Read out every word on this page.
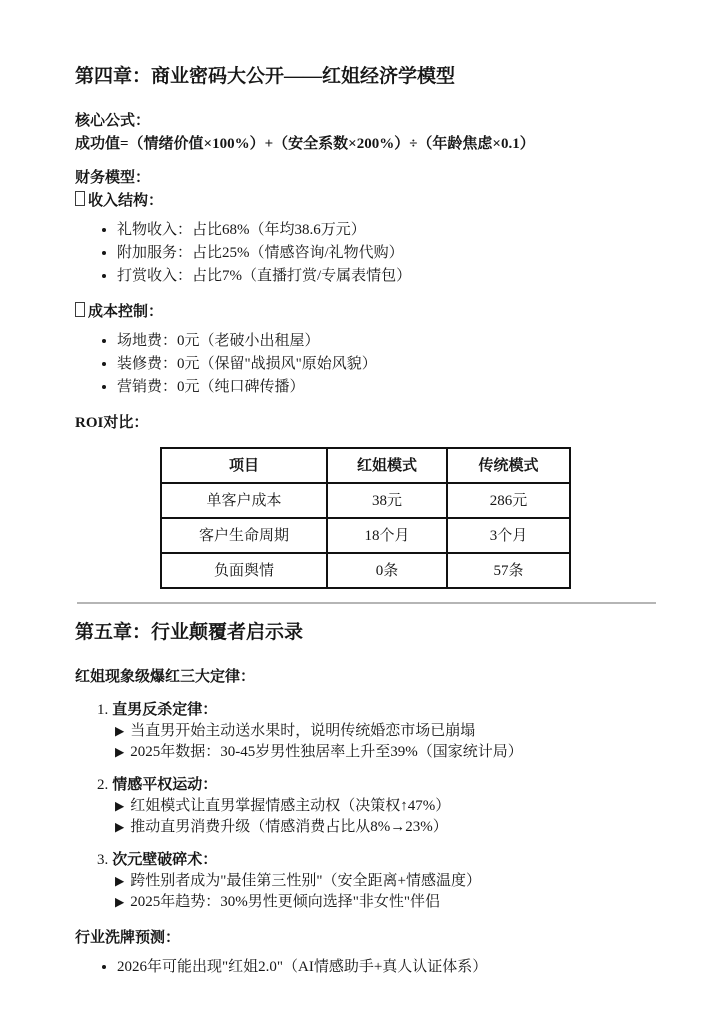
第四章：商业密码大公开——红姐经济学模型

核心公式：

成功值=（情绪价值×100%）+（安全系数×200%）÷（年龄焦虑×0.1）

财务模型：

收入结构：

• 礼物收入：占比68%（年均38.6万元）
• 附加服务：占比25%（情感咨询/礼物代购）
• 打赏收入：占比7%（直播打赏/专属表情包）

成本控制：

• 场地费：0元（老破小出租屋）
• 装修费：0元（保留"战损风"原始风貌）
• 营销费：0元（纯口碑传播）

ROI对比：

项目	红姐模式	传统模式
单客户成本	38元	286元
客户生命周期	18个月	3个月
负面舆情	0条	57条
第五章：行业颠覆者启示录

红姐现象级爆红三大定律：

1. 直男反杀定律：

▶ 当直男开始主动送水果时，说明传统婚恋市场已崩塌

▶ 2025年数据：30-45岁男性独居率上升至39%（国家统计局）

2. 情感平权运动：

▶ 红姐模式让直男掌握情感主动权（决策权↑47%）

▶ 推动直男消费升级（情感消费占比从8%→23%）

3. 次元壁破碎术：

▶ 跨性别者成为"最佳第三性别"（安全距离+情感温度）

▶ 2025年趋势：30%男性更倾向选择"非女性"伴侣

行业洗牌预测：

• 2026年可能出现"红姐2.0"（AI情感助手+真人认证体系）
